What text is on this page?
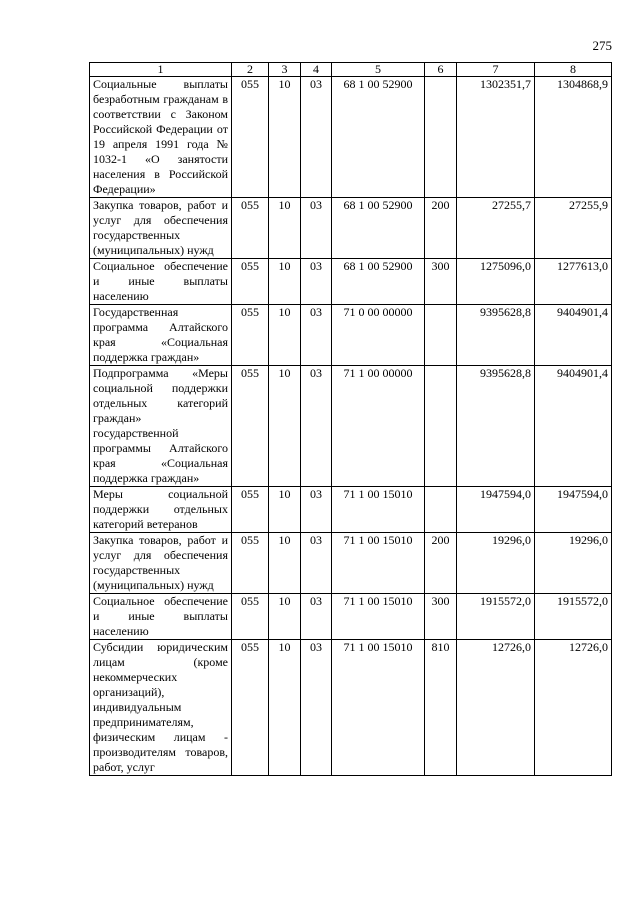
275
1	2	3	4	5	6	7	8
Социальные выплаты безработным гражданам в соответствии с Законом Российской Федерации от 19 апреля 1991 года № 1032-1 «О занятости населения в Российской Федерации»	055	10	03	68 1 00 52900		1302351,7	1304868,9
Закупка товаров, работ и услуг для обеспечения государственных (муниципальных) нужд	055	10	03	68 1 00 52900	200	27255,7	27255,9
Социальное обеспечение и иные выплаты населению	055	10	03	68 1 00 52900	300	1275096,0	1277613,0
Государственная программа Алтайского края «Социальная поддержка граждан»	055	10	03	71 0 00 00000		9395628,8	9404901,4
Подпрограмма «Меры социальной поддержки отдельных категорий граждан» государственной программы Алтайского края «Социальная поддержка граждан»	055	10	03	71 1 00 00000		9395628,8	9404901,4
Меры социальной поддержки отдельных категорий ветеранов	055	10	03	71 1 00 15010		1947594,0	1947594,0
Закупка товаров, работ и услуг для обеспечения государственных (муниципальных) нужд	055	10	03	71 1 00 15010	200	19296,0	19296,0
Социальное обеспечение и иные выплаты населению	055	10	03	71 1 00 15010	300	1915572,0	1915572,0
Субсидии юридическим лицам (кроме некоммерческих организаций), индивидуальным предпринимателям, физическим лицам - производителям товаров, работ, услуг	055	10	03	71 1 00 15010	810	12726,0	12726,0
